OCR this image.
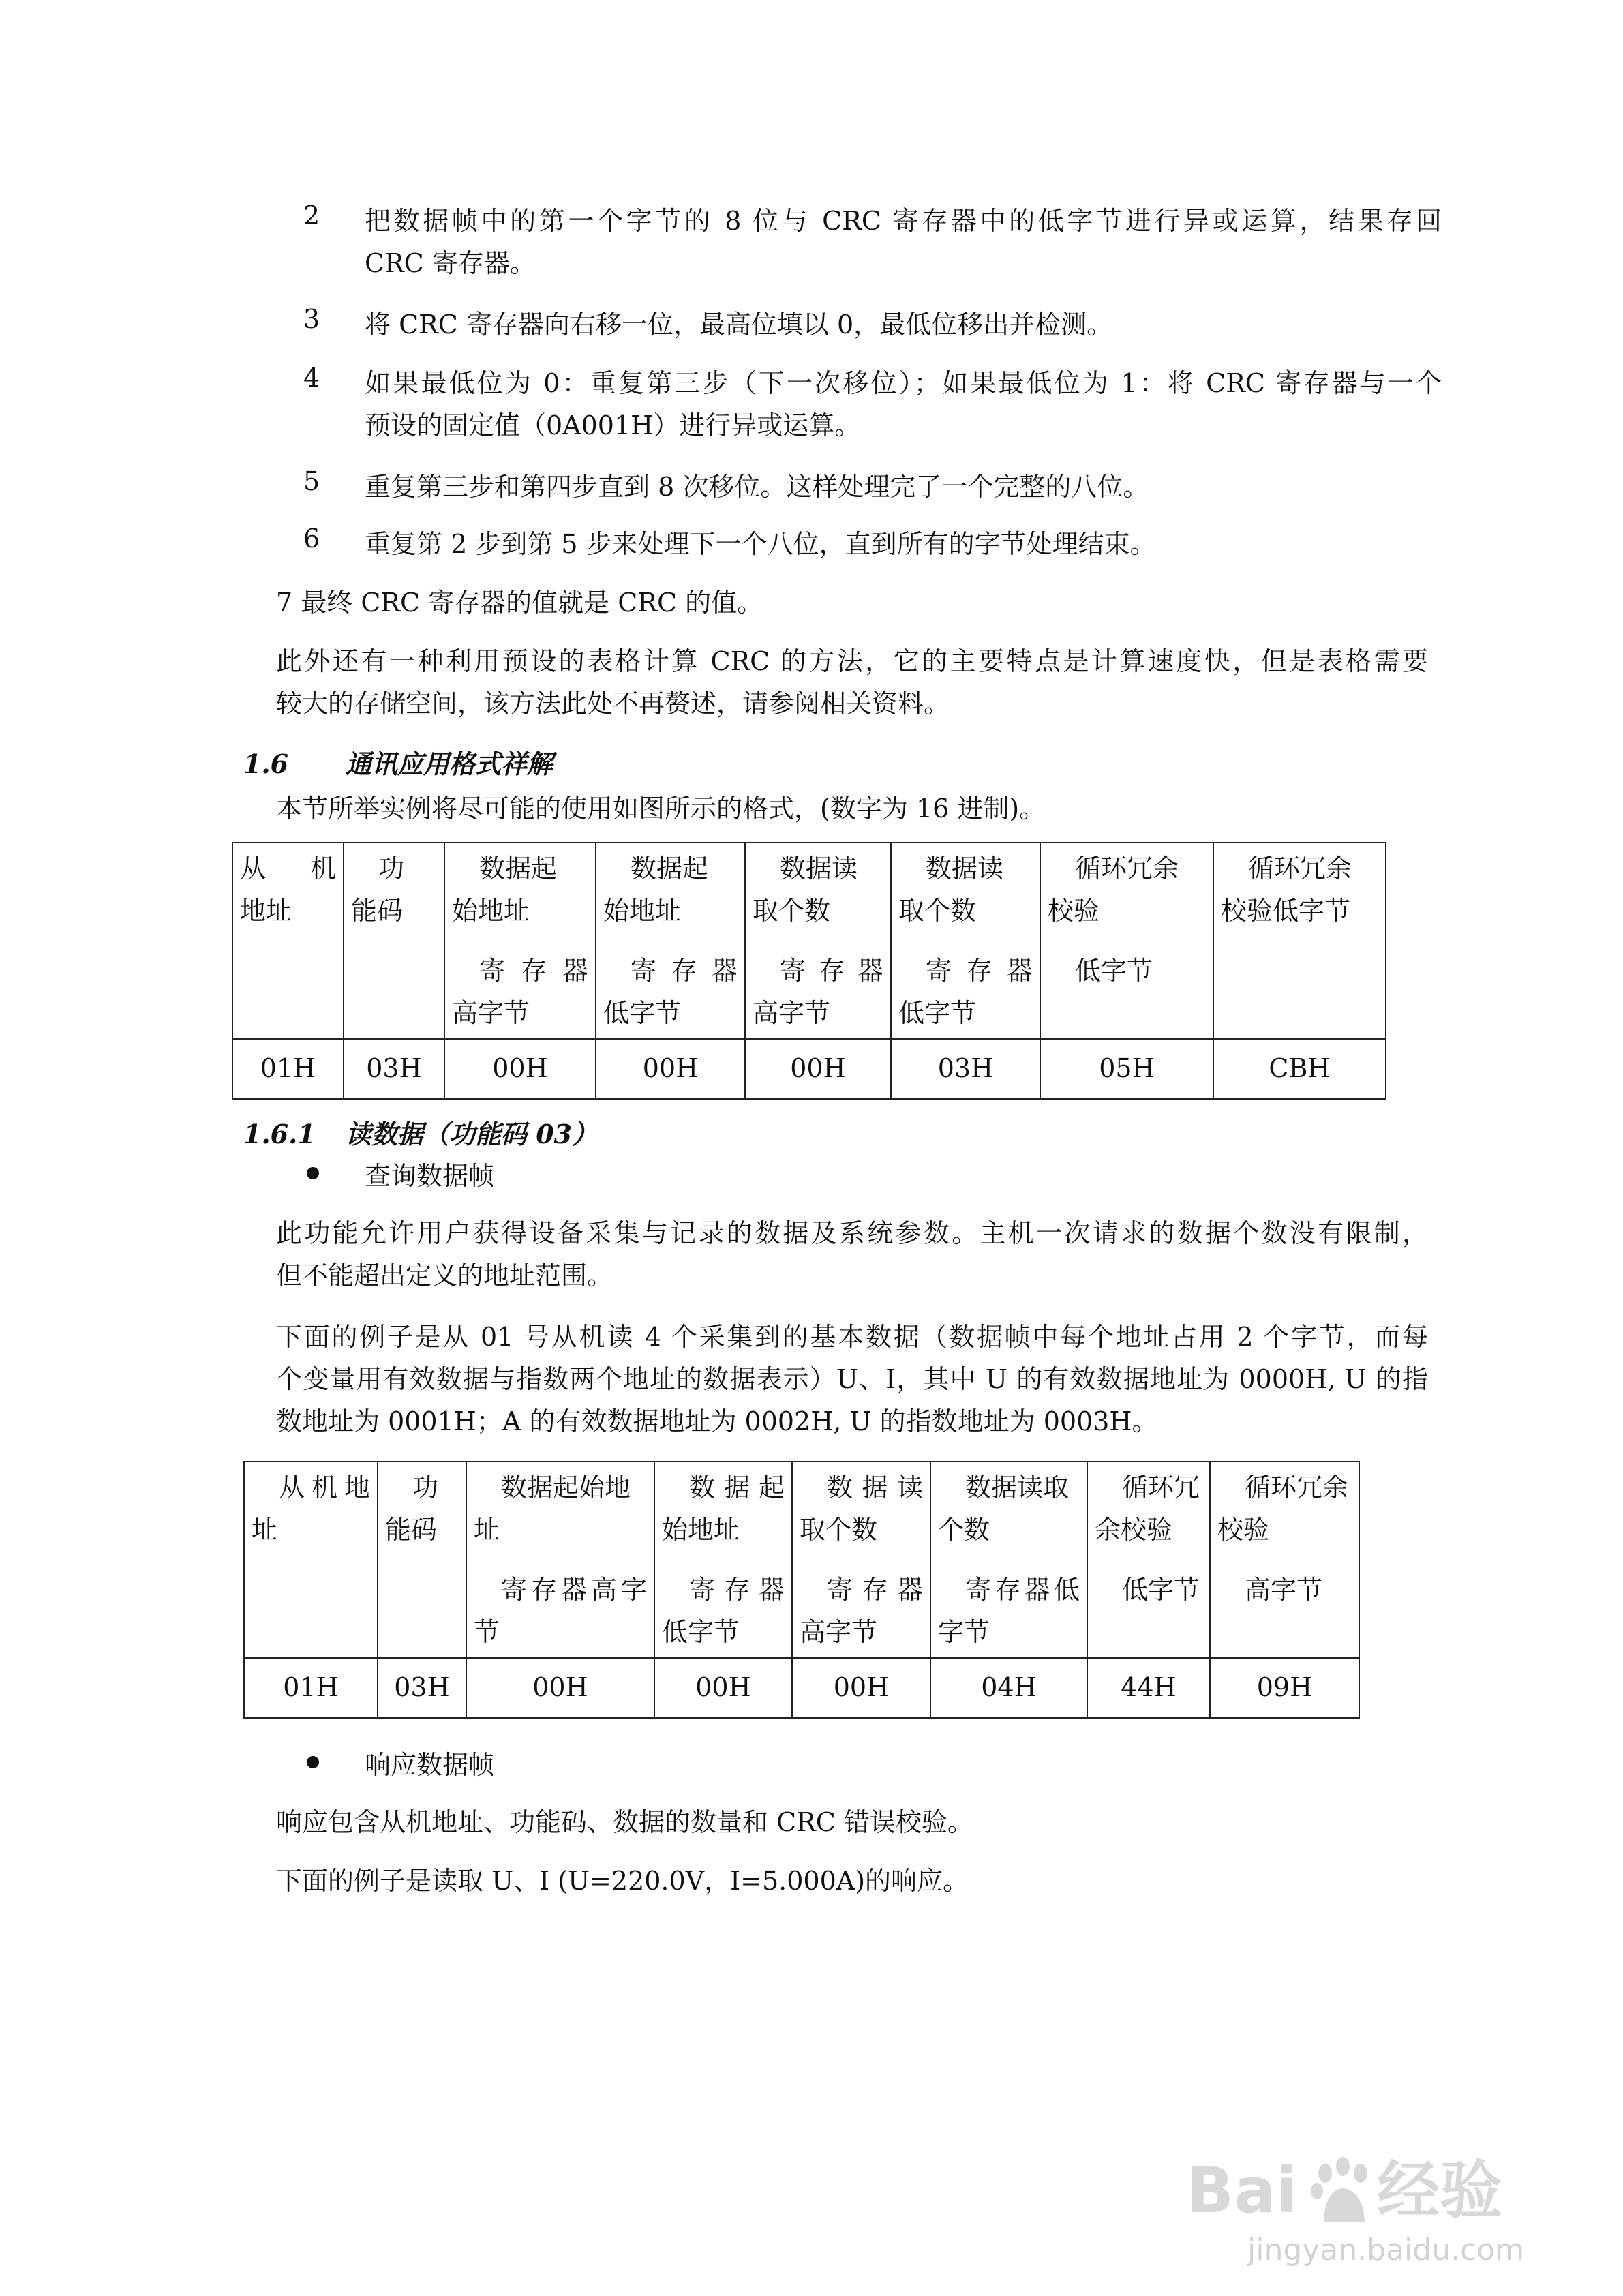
2	把数据帧中的第一个字节的 8 位与 CRC 寄存器中的低字节进行异或运算，结果存回
CRC 寄存器。
3	将 CRC 寄存器向右移一位，最高位填以 0，最低位移出并检测。
4	如果最低位为 0：重复第三步（下一次移位）；如果最低位为 1：将 CRC 寄存器与一个
预设的固定值（0A001H）进行异或运算。
5	重复第三步和第四步直到 8 次移位。这样处理完了一个完整的八位。
6	重复第 2 步到第 5 步来处理下一个八位，直到所有的字节处理结束。
7 最终 CRC 寄存器的值就是 CRC 的值。
此外还有一种利用预设的表格计算 CRC 的方法，它的主要特点是计算速度快，但是表格需要
较大的存储空间，该方法此处不再赘述，请参阅相关资料。
1.6 通讯应用格式祥解
本节所举实例将尽可能的使用如图所示的格式，(数字为 16 进制)。
从　机
地址	功
能码	数据起
始地址
寄存器
高字节	数据起
始地址
寄存器
低字节	数据读
取个数
寄存器
高字节	数据读
取个数
寄存器
低字节	循环冗余
校验
低字节	循环冗余
校验低字节

01H	03H	00H	00H	00H	03H	05H	CBH
1.6.1 读数据（功能码 03）
查询数据帧
此功能允许用户获得设备采集与记录的数据及系统参数。主机一次请求的数据个数没有限制，
但不能超出定义的地址范围。
下面的例子是从 01 号从机读 4 个采集到的基本数据（数据帧中每个地址占用 2 个字节，而每
个变量用有效数据与指数两个地址的数据表示）U、I，其中 U 的有效数据地址为 0000H, U 的指
数地址为 0001H；A 的有效数据地址为 0002H, U 的指数地址为 0003H。
从机地
址	功
能码	数据起始地
址
寄存器高字
节	数据起
始地址
寄存器
低字节	数据读
取个数
寄存器
高字节	数据读取
个数
寄存器低
字节	循环冗
余校验
低字节	循环冗余
校验
高字节

01H	03H	00H	00H	00H	04H	44H	09H
响应数据帧
响应包含从机地址、功能码、数据的数量和 CRC 错误校验。
下面的例子是读取 U、I (U=220.0V，I=5.000A)的响应。
Bai 经验
jingyan.baidu.com
